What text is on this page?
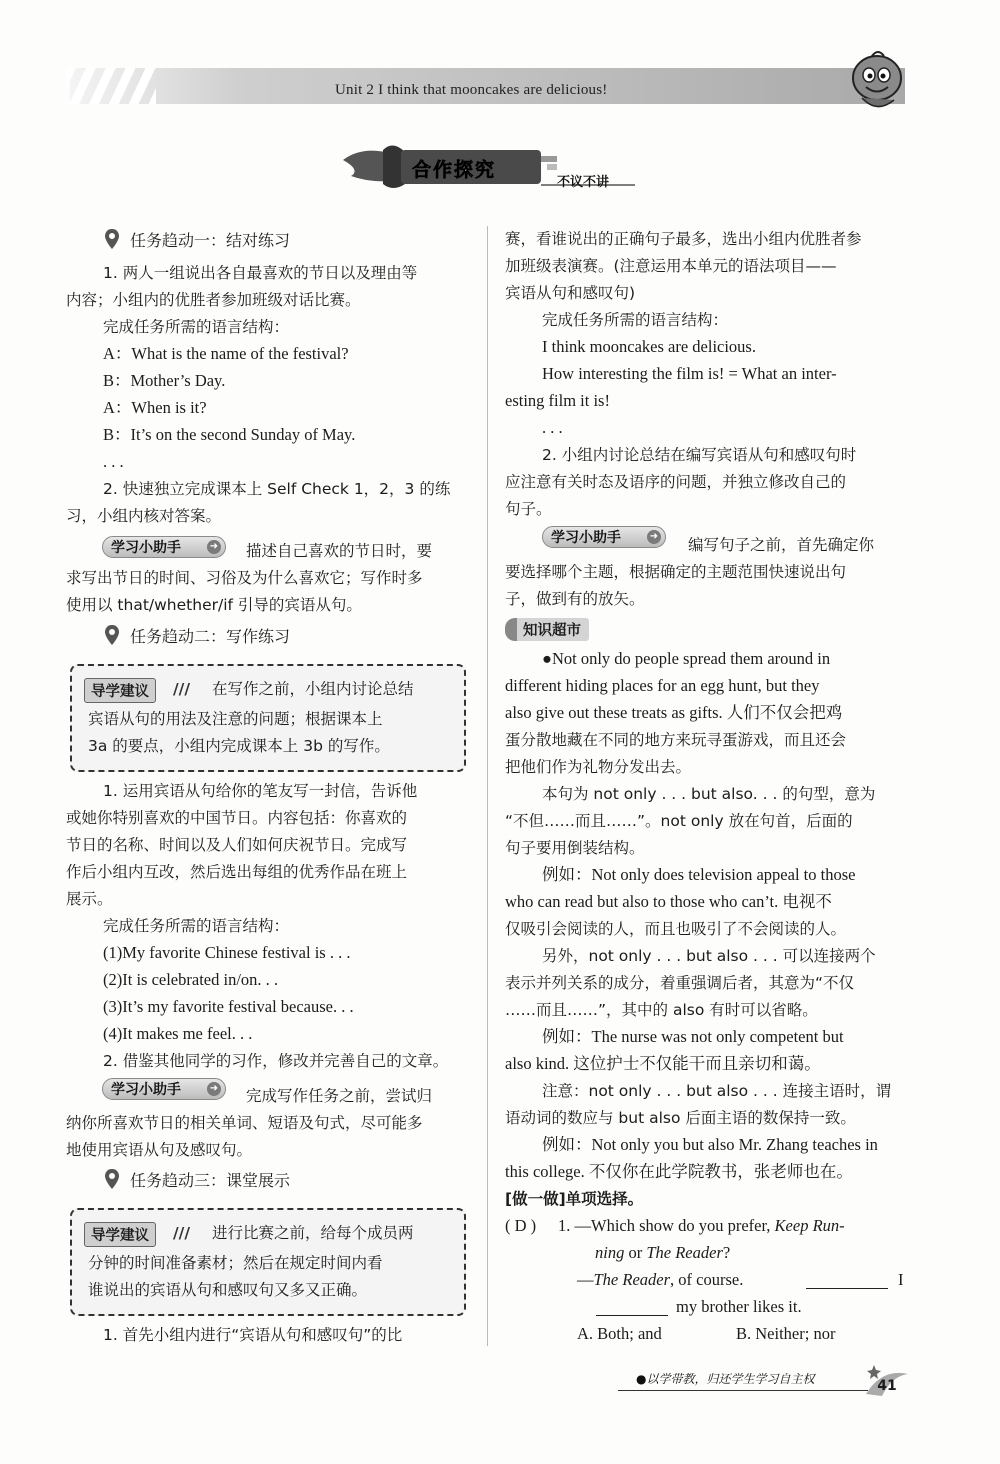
Unit 2 I think that mooncakes are delicious!
合作探究
不议不讲
任务趋动一：结对练习
1. 两人一组说出各自最喜欢的节日以及理由等
内容；小组内的优胜者参加班级对话比赛。
完成任务所需的语言结构：
A：What is the name of the festival?
B：Mother’s Day.
A：When is it?
B：It’s on the second Sunday of May.
. . .
2. 快速独立完成课本上 Self Check 1，2，3 的练
习，小组内核对答案。
学习小助手	➜ 描述自己喜欢的节日时，要
求写出节日的时间、习俗及为什么喜欢它；写作时多
使用以 that/whether/if 引导的宾语从句。
任务趋动二：写作练习
导学建议	/// 在写作之前，小组内讨论总结
宾语从句的用法及注意的问题；根据课本上
3a 的要点，小组内完成课本上 3b 的写作。
1. 运用宾语从句给你的笔友写一封信，告诉他
或她你特别喜欢的中国节日。内容包括：你喜欢的
节日的名称、时间以及人们如何庆祝节日。完成写
作后小组内互改，然后选出每组的优秀作品在班上
展示。
完成任务所需的语言结构：
(1)My favorite Chinese festival is . . .
(2)It is celebrated in/on. . .
(3)It’s my favorite festival because. . .
(4)It makes me feel. . .
2. 借鉴其他同学的习作，修改并完善自己的文章。
学习小助手	➜ 完成写作任务之前，尝试归
纳你所喜欢节日的相关单词、短语及句式，尽可能多
地使用宾语从句及感叹句。
任务趋动三：课堂展示
导学建议	/// 进行比赛之前，给每个成员两
分钟的时间准备素材；然后在规定时间内看
谁说出的宾语从句和感叹句又多又正确。
1. 首先小组内进行“宾语从句和感叹句”的比
赛，看谁说出的正确句子最多，选出小组内优胜者参
加班级表演赛。(注意运用本单元的语法项目——
宾语从句和感叹句)
完成任务所需的语言结构：
I think mooncakes are delicious.
How interesting the film is! = What an inter-
esting film it is!
. . .
2. 小组内讨论总结在编写宾语从句和感叹句时
应注意有关时态及语序的问题，并独立修改自己的
句子。
学习小助手	➜ 编写句子之前，首先确定你
要选择哪个主题，根据确定的主题范围快速说出句
子，做到有的放矢。
知识超市
●Not only do people spread them around in
different hiding places for an egg hunt, but they
also give out these treats as gifts. 人们不仅会把鸡
蛋分散地藏在不同的地方来玩寻蛋游戏，而且还会
把他们作为礼物分发出去。
本句为 not only . . . but also. . . 的句型，意为
“不但……而且……”。not only 放在句首，后面的
句子要用倒装结构。
例如：Not only does television appeal to those
who can read but also to those who can’t. 电视不
仅吸引会阅读的人，而且也吸引了不会阅读的人。
另外，not only . . . but also . . . 可以连接两个
表示并列关系的成分，着重强调后者，其意为“不仅
……而且……”，其中的 also 有时可以省略。
例如：The nurse was not only competent but
also kind. 这位护士不仅能干而且亲切和蔼。
注意：not only . . . but also . . . 连接主语时，谓
语动词的数应与 but also 后面主语的数保持一致。
例如：Not only you but also Mr. Zhang teaches in
this college. 不仅你在此学院教书，张老师也在。
[做一做]单项选择。
( D ) 1. —Which show do you prefer, Keep Run-
ning or The Reader?
—The Reader, of course.	I
my brother likes it.
A. Both; and	B. Neither; nor
●以学带教，归还学生学习自主权	41
